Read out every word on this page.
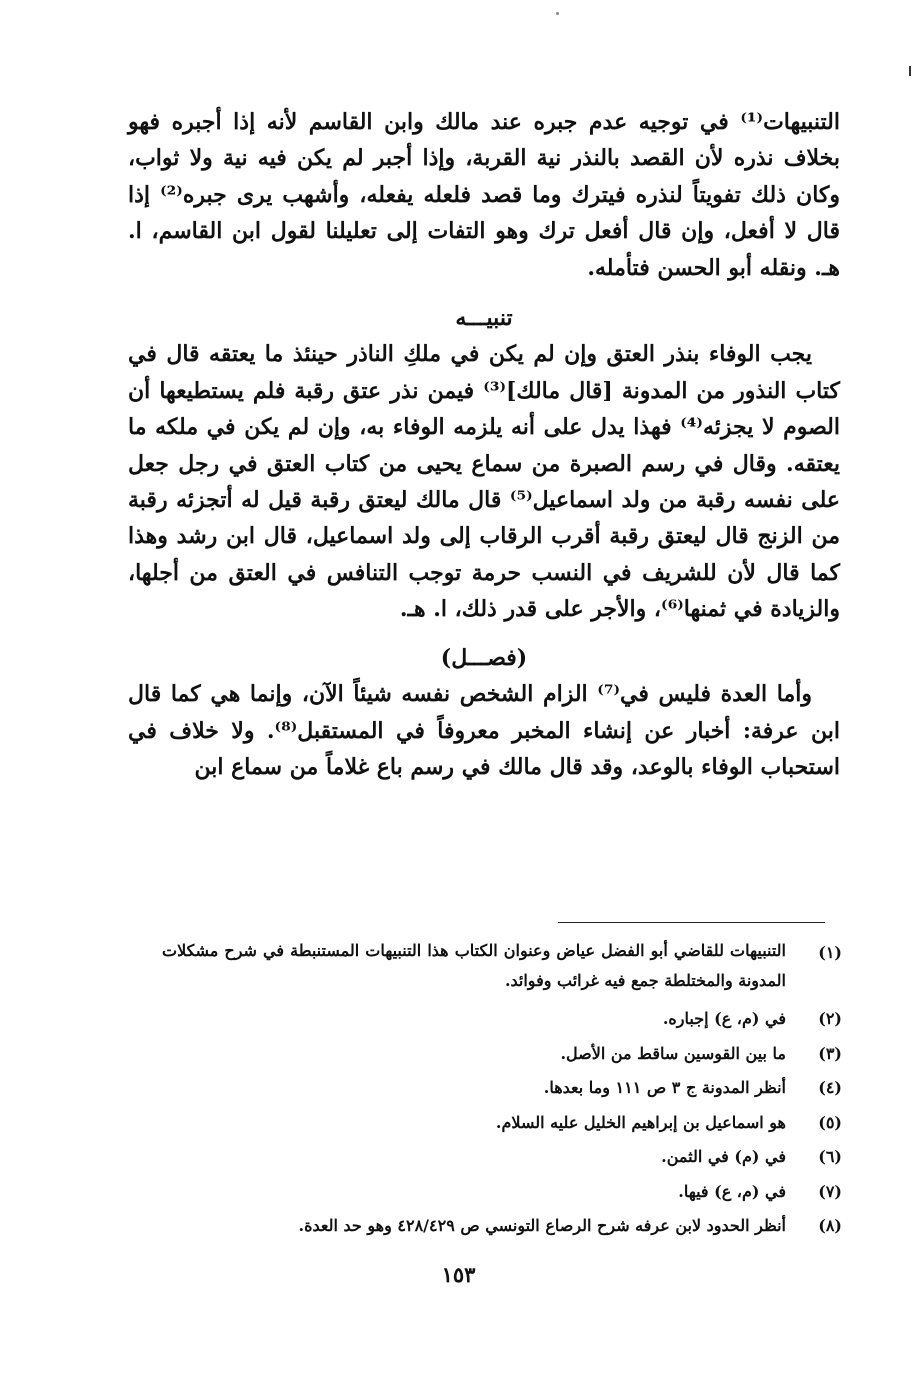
التنبيهات⁽¹⁾ في توجيه عدم جبره عند مالك وابن القاسم لأنه إذا أجبره فهو بخلاف نذره لأن القصد بالنذر نية القربة، وإذا أجبر لم يكن فيه نية ولا ثواب، وكان ذلك تفويتاً لنذره فيترك وما قصد فلعله يفعله، وأشهب يرى جبره⁽²⁾ إذا قال لا أفعل، وإن قال أفعل ترك وهو التفات إلى تعليلنا لقول ابن القاسم، ا. هـ. ونقله أبو الحسن فتأمله.

تنبيـــه

يجب الوفاء بنذر العتق وإن لم يكن في ملكِ الناذر حينئذ ما يعتقه قال في كتاب النذور من المدونة [قال مالك]⁽³⁾ فيمن نذر عتق رقبة فلم يستطيعها أن الصوم لا يجزئه⁽⁴⁾ فهذا يدل على أنه يلزمه الوفاء به، وإن لم يكن في ملكه ما يعتقه. وقال في رسم الصبرة من سماع يحيى من كتاب العتق في رجل جعل على نفسه رقبة من ولد اسماعيل⁽⁵⁾ قال مالك ليعتق رقبة قيل له أتجزئه رقبة من الزنج قال ليعتق رقبة أقرب الرقاب إلى ولد اسماعيل، قال ابن رشد وهذا كما قال لأن للشريف في النسب حرمة توجب التنافس في العتق من أجلها، والزيادة في ثمنها⁽⁶⁾، والأجر على قدر ذلك، ا. هـ.

(فصـــل)

وأما العدة فليس في⁽⁷⁾ الزام الشخص نفسه شيئاً الآن، وإنما هي كما قال ابن عرفة: أخبار عن إنشاء المخبر معروفاً في المستقبل⁽⁸⁾. ولا خلاف في استحباب الوفاء بالوعد، وقد قال مالك في رسم باع غلاماً من سماع ابن

(١)
التنبيهات للقاضي أبو الفضل عياض وعنوان الكتاب هذا التنبيهات المستنبطة في شرح مشكلات المدونة والمختلطة جمع فيه غرائب وفوائد.
(٢)
في (م، ع) إجباره.
(٣)
ما بين القوسين ساقط من الأصل.
(٤)
أنظر المدونة ج ٣ ص ١١١ وما بعدها.
(٥)
هو اسماعيل بن إبراهيم الخليل عليه السلام.
(٦)
في (م) في الثمن.
(٧)
في (م، ع) فيها.
(٨)
أنظر الحدود لابن عرفه شرح الرصاع التونسي ص ٤٢٨/٤٢٩ وهو حد العدة.
١٥٣
